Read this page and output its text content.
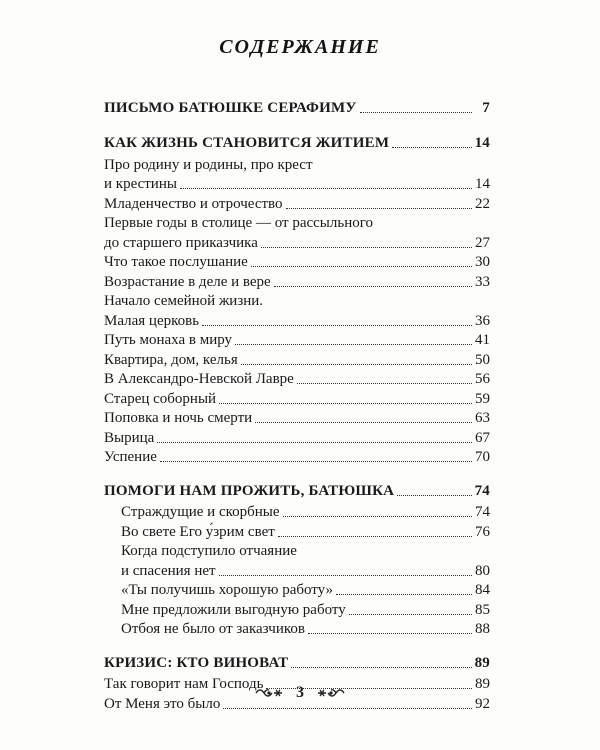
СОДЕРЖАНИЕ
ПИСЬМО БАТЮШКЕ СЕРАФИМУ	7
КАК ЖИЗНЬ СТАНОВИТСЯ ЖИТИЕМ	14
Про родину и родины, про крест
и крестины	14
Младенчество и отрочество	22
Первые годы в столице — от рассыльного
до старшего приказчика	27
Что такое послушание	30
Возрастание в деле и вере	33
Начало семейной жизни.
Малая церковь	36
Путь монаха в миру	41
Квартира, дом, келья	50
В Александро-Невской Лавре	56
Старец соборный	59
Поповка и ночь смерти	63
Вырица	67
Успение	70
ПОМОГИ НАМ ПРОЖИТЬ, БАТЮШКА	74
Страждущие и скорбные	74
Во свете Его у́зрим свет	76
Когда подступило отчаяние
и спасения нет	80
«Ты получишь хорошую работу»	84
Мне предложили выгодную работу	85
Отбоя не было от заказчиков	88
КРИЗИС: КТО ВИНОВАТ	89
Так говорит нам Господь	89
От Меня это было	92
3
